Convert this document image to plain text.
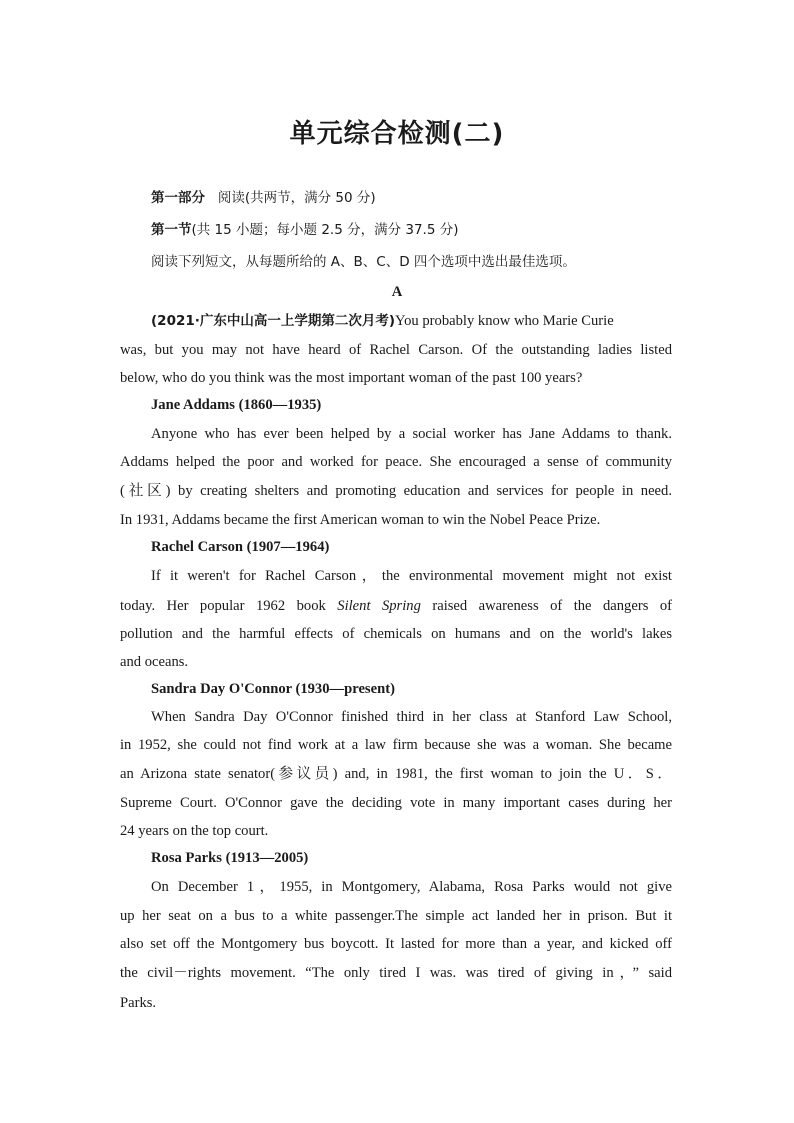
单元综合检测(二)
第一部分 阅读(共两节，满分 50 分)
第一节(共 15 小题；每小题 2.5 分，满分 37.5 分)
阅读下列短文，从每题所给的 A、B、C、D 四个选项中选出最佳选项。
A
(2021·广东中山高一上学期第二次月考)You probably know who Marie Curie
was, but you may not have heard of Rachel Carson. Of the outstanding ladies listed
below, who do you think was the most important woman of the past 100 years?
Jane Addams (1860—1935)
Anyone who has ever been helped by a social worker has Jane Addams to thank.
Addams helped the poor and worked for peace. She encouraged a sense of community
(社区) by creating shelters and promoting education and services for people in need.
In 1931, Addams became the first American woman to win the Nobel Peace Prize.
Rachel Carson (1907—1964)
If it weren't for Rachel Carson，the environmental movement might not exist
today. Her popular 1962 book Silent Spring raised awareness of the dangers of
pollution and the harmful effects of chemicals on humans and on the world's lakes
and oceans.
Sandra Day O'Connor (1930—present)
When Sandra Day O'Connor finished third in her class at Stanford Law School,
in 1952, she could not find work at a law firm because she was a woman. She became
an Arizona state senator(参议员) and, in 1981, the first woman to join the U．S．
Supreme Court. O'Connor gave the deciding vote in many important cases during her
24 years on the top court.
Rosa Parks (1913—2005)
On December 1，1955, in Montgomery, Alabama, Rosa Parks would not give
up her seat on a bus to a white passenger.The simple act landed her in prison. But it
also set off the Montgomery bus boycott. It lasted for more than a year, and kicked off
the civil－rights movement. “The only tired I was. was tired of giving in，” said
Parks.
